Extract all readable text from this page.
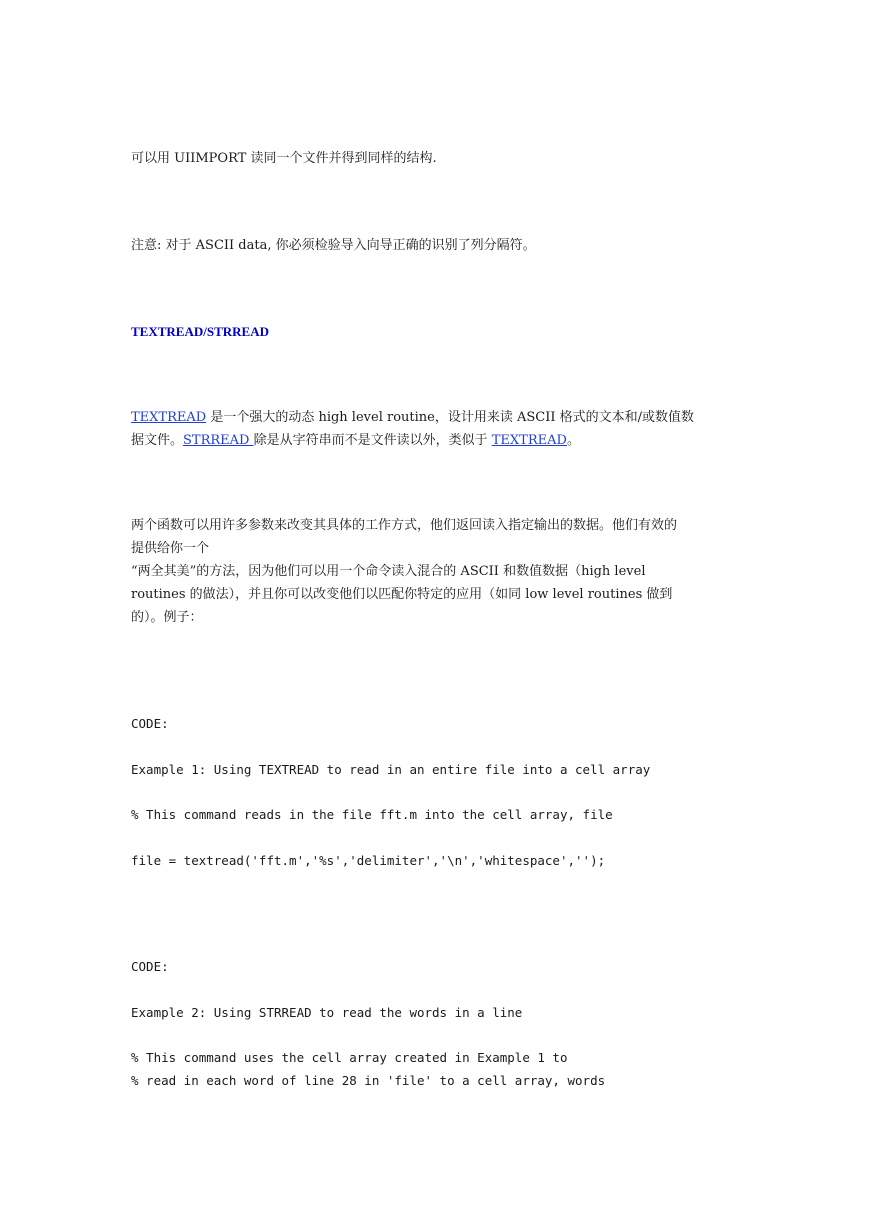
可以用 UIIMPORT 读同一个文件并得到同样的结构.
注意: 对于 ASCII data, 你必须检验导入向导正确的识别了列分隔符。
TEXTREAD/STRREAD
TEXTREAD 是一个强大的动态 high level routine，设计用来读 ASCII 格式的文本和/或数值数
据文件。STRREAD 除是从字符串而不是文件读以外，类似于 TEXTREAD。
两个函数可以用许多参数来改变其具体的工作方式，他们返回读入指定输出的数据。他们有效的
提供给你一个
“两全其美”的方法，因为他们可以用一个命令读入混合的 ASCII 和数值数据（high level
routines 的做法），并且你可以改变他们以匹配你特定的应用（如同 low level routines 做到
的）。例子：
CODE:
Example 1: Using TEXTREAD to read in an entire file into a cell array
% This command reads in the file fft.m into the cell array, file
file = textread('fft.m','%s','delimiter','\n','whitespace','');
CODE:
Example 2: Using STRREAD to read the words in a line
% This command uses the cell array created in Example 1 to
% read in each word of line 28 in 'file' to a cell array, words
